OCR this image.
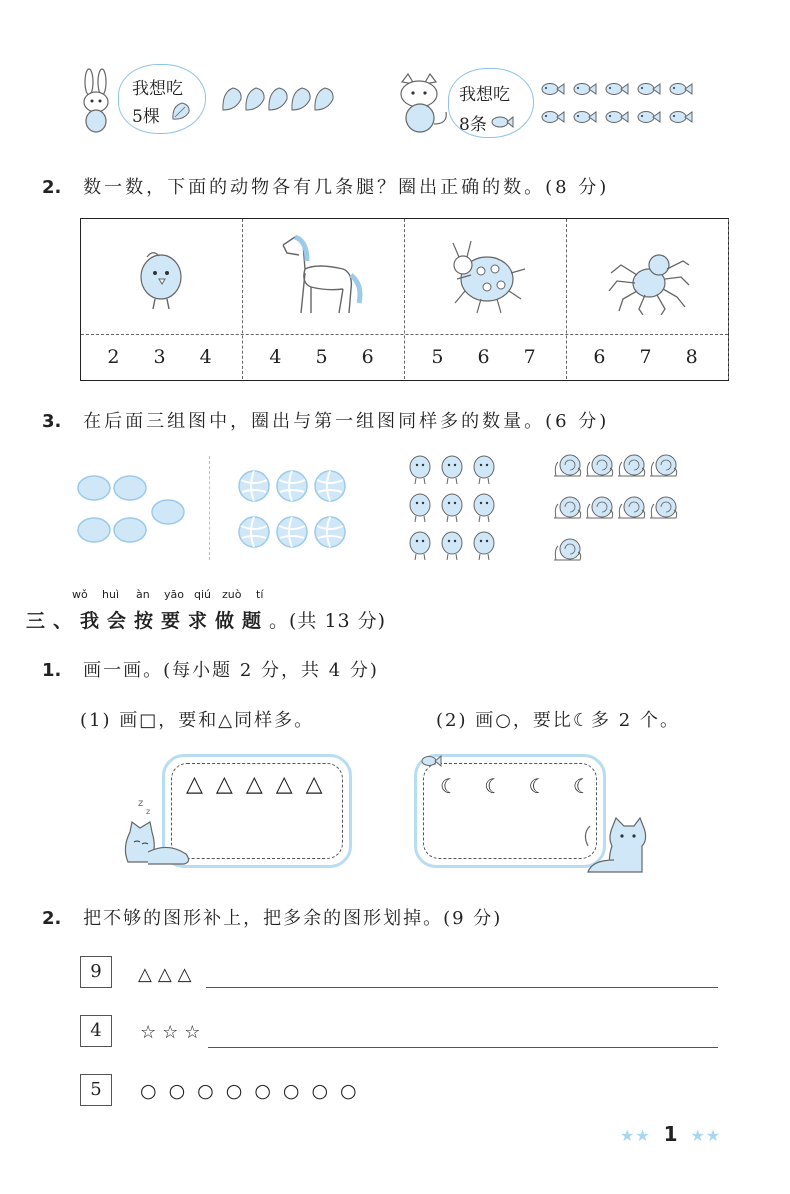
我想吃
5棵
我想吃
8条
2. 数一数，下面的动物各有几条腿？圈出正确的数。(8 分)
2 3 4	4 5 6	5 6 7	6 7 8
3. 在后面三组图中，圈出与第一组图同样多的数量。(6 分)
wǒ huì àn yāo qiú zuò tí
三、我会按要求做题。(共 13 分)
1. 画一画。(每小题 2 分，共 4 分)
(1) 画□，要和△同样多。	(2) 画○，要比☾多 2 个。
△△△△△
z
z
☾ ☾ ☾ ☾
2. 把不够的图形补上，把多余的图形划掉。(9 分)
9	△△△
4	☆☆☆
5	○○○○○○○○
★★ 1 ★★
